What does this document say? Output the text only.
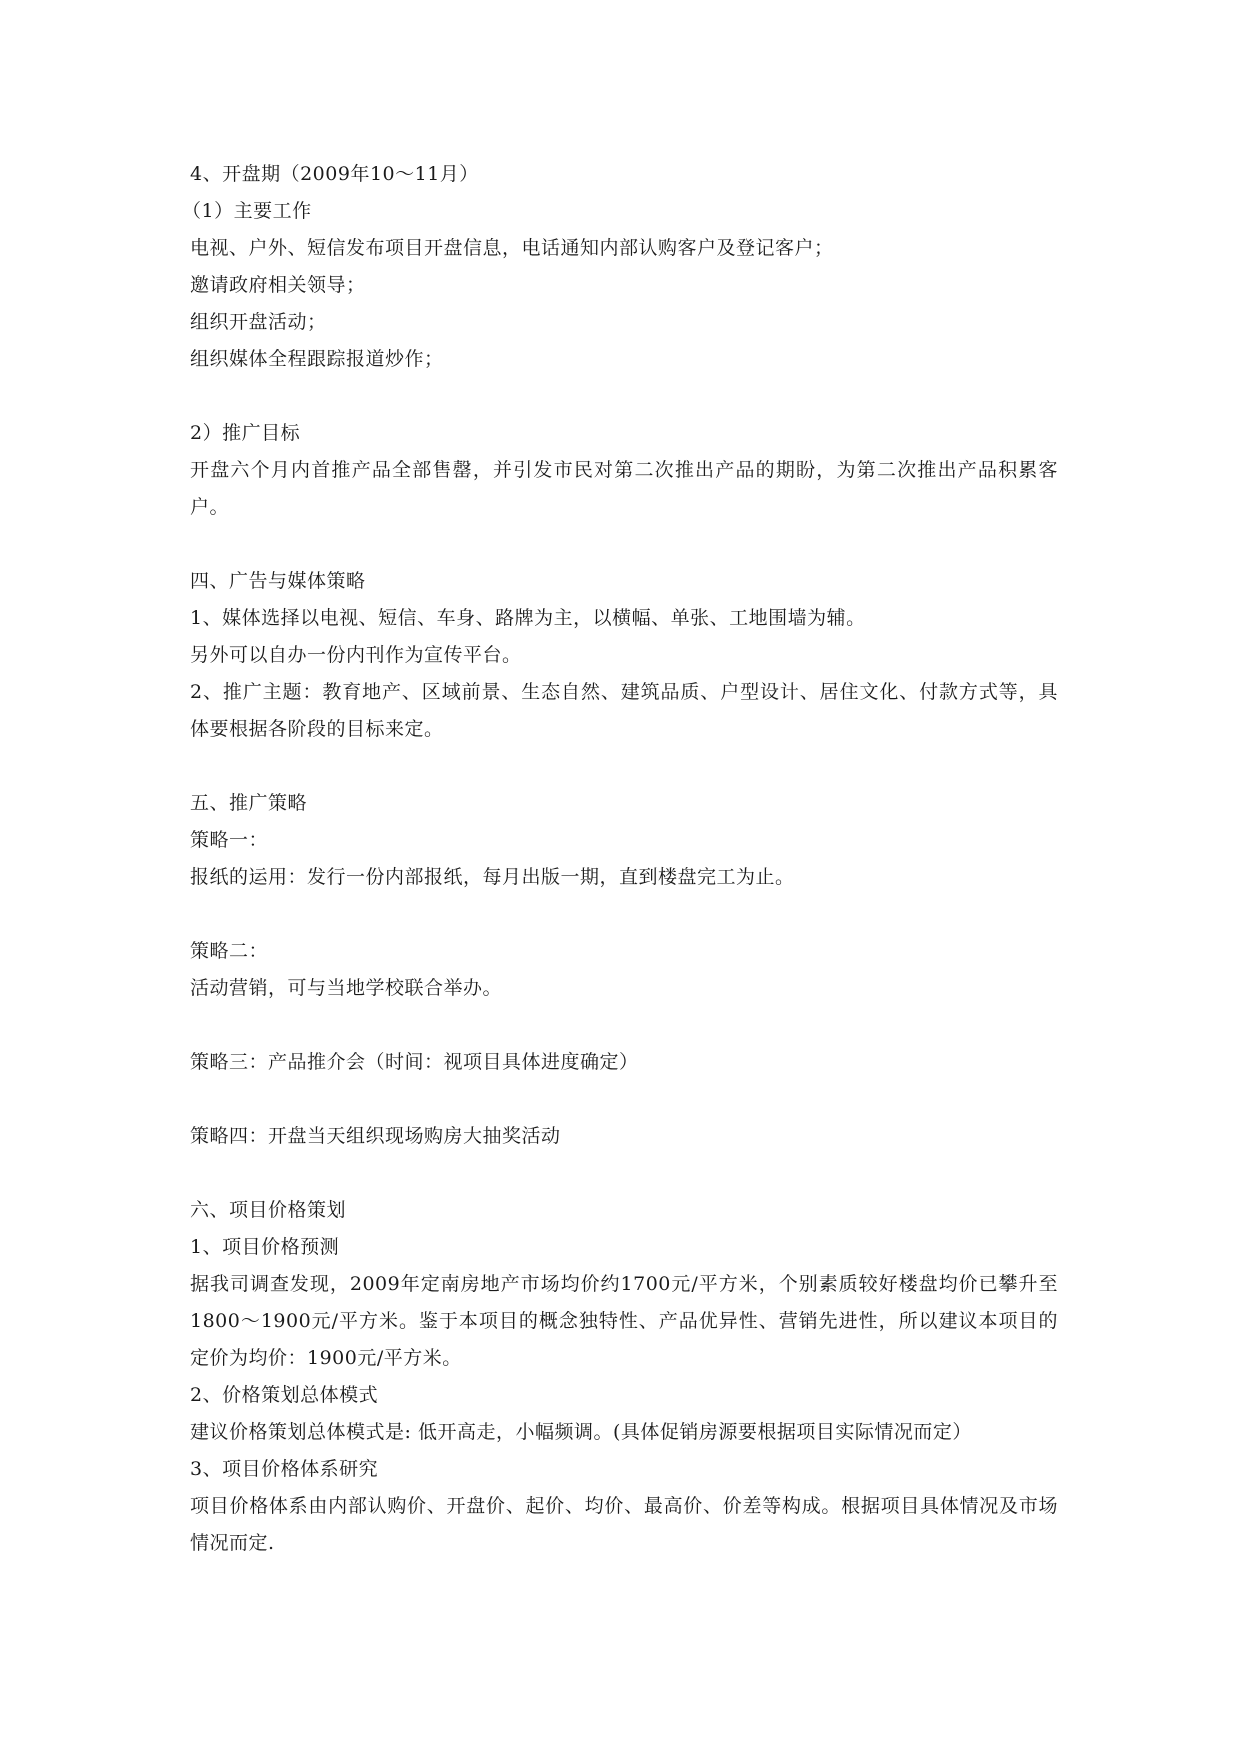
4、开盘期（2009年10～11月）

（1）主要工作

电视、户外、短信发布项目开盘信息，电话通知内部认购客户及登记客户；

邀请政府相关领导；

组织开盘活动；

组织媒体全程跟踪报道炒作；

2）推广目标

开盘六个月内首推产品全部售罄，并引发市民对第二次推出产品的期盼，为第二次推出产品积累客户。

四、广告与媒体策略

1、媒体选择以电视、短信、车身、路牌为主，以横幅、单张、工地围墙为辅。

另外可以自办一份内刊作为宣传平台。

2、推广主题：教育地产、区域前景、生态自然、建筑品质、户型设计、居住文化、付款方式等，具体要根据各阶段的目标来定。

五、推广策略

策略一：

报纸的运用：发行一份内部报纸，每月出版一期，直到楼盘完工为止。

策略二：

活动营销，可与当地学校联合举办。

策略三：产品推介会（时间：视项目具体进度确定）

策略四：开盘当天组织现场购房大抽奖活动

六、项目价格策划

1、项目价格预测

据我司调查发现，2009年定南房地产市场均价约1700元/平方米，个别素质较好楼盘均价已攀升至1800～1900元/平方米。鉴于本项目的概念独特性、产品优异性、营销先进性，所以建议本项目的定价为均价：1900元/平方米。

2、价格策划总体模式

建议价格策划总体模式是: 低开高走，小幅频调。(具体促销房源要根据项目实际情况而定）

3、项目价格体系研究

项目价格体系由内部认购价、开盘价、起价、均价、最高价、价差等构成。根据项目具体情况及市场情况而定.
